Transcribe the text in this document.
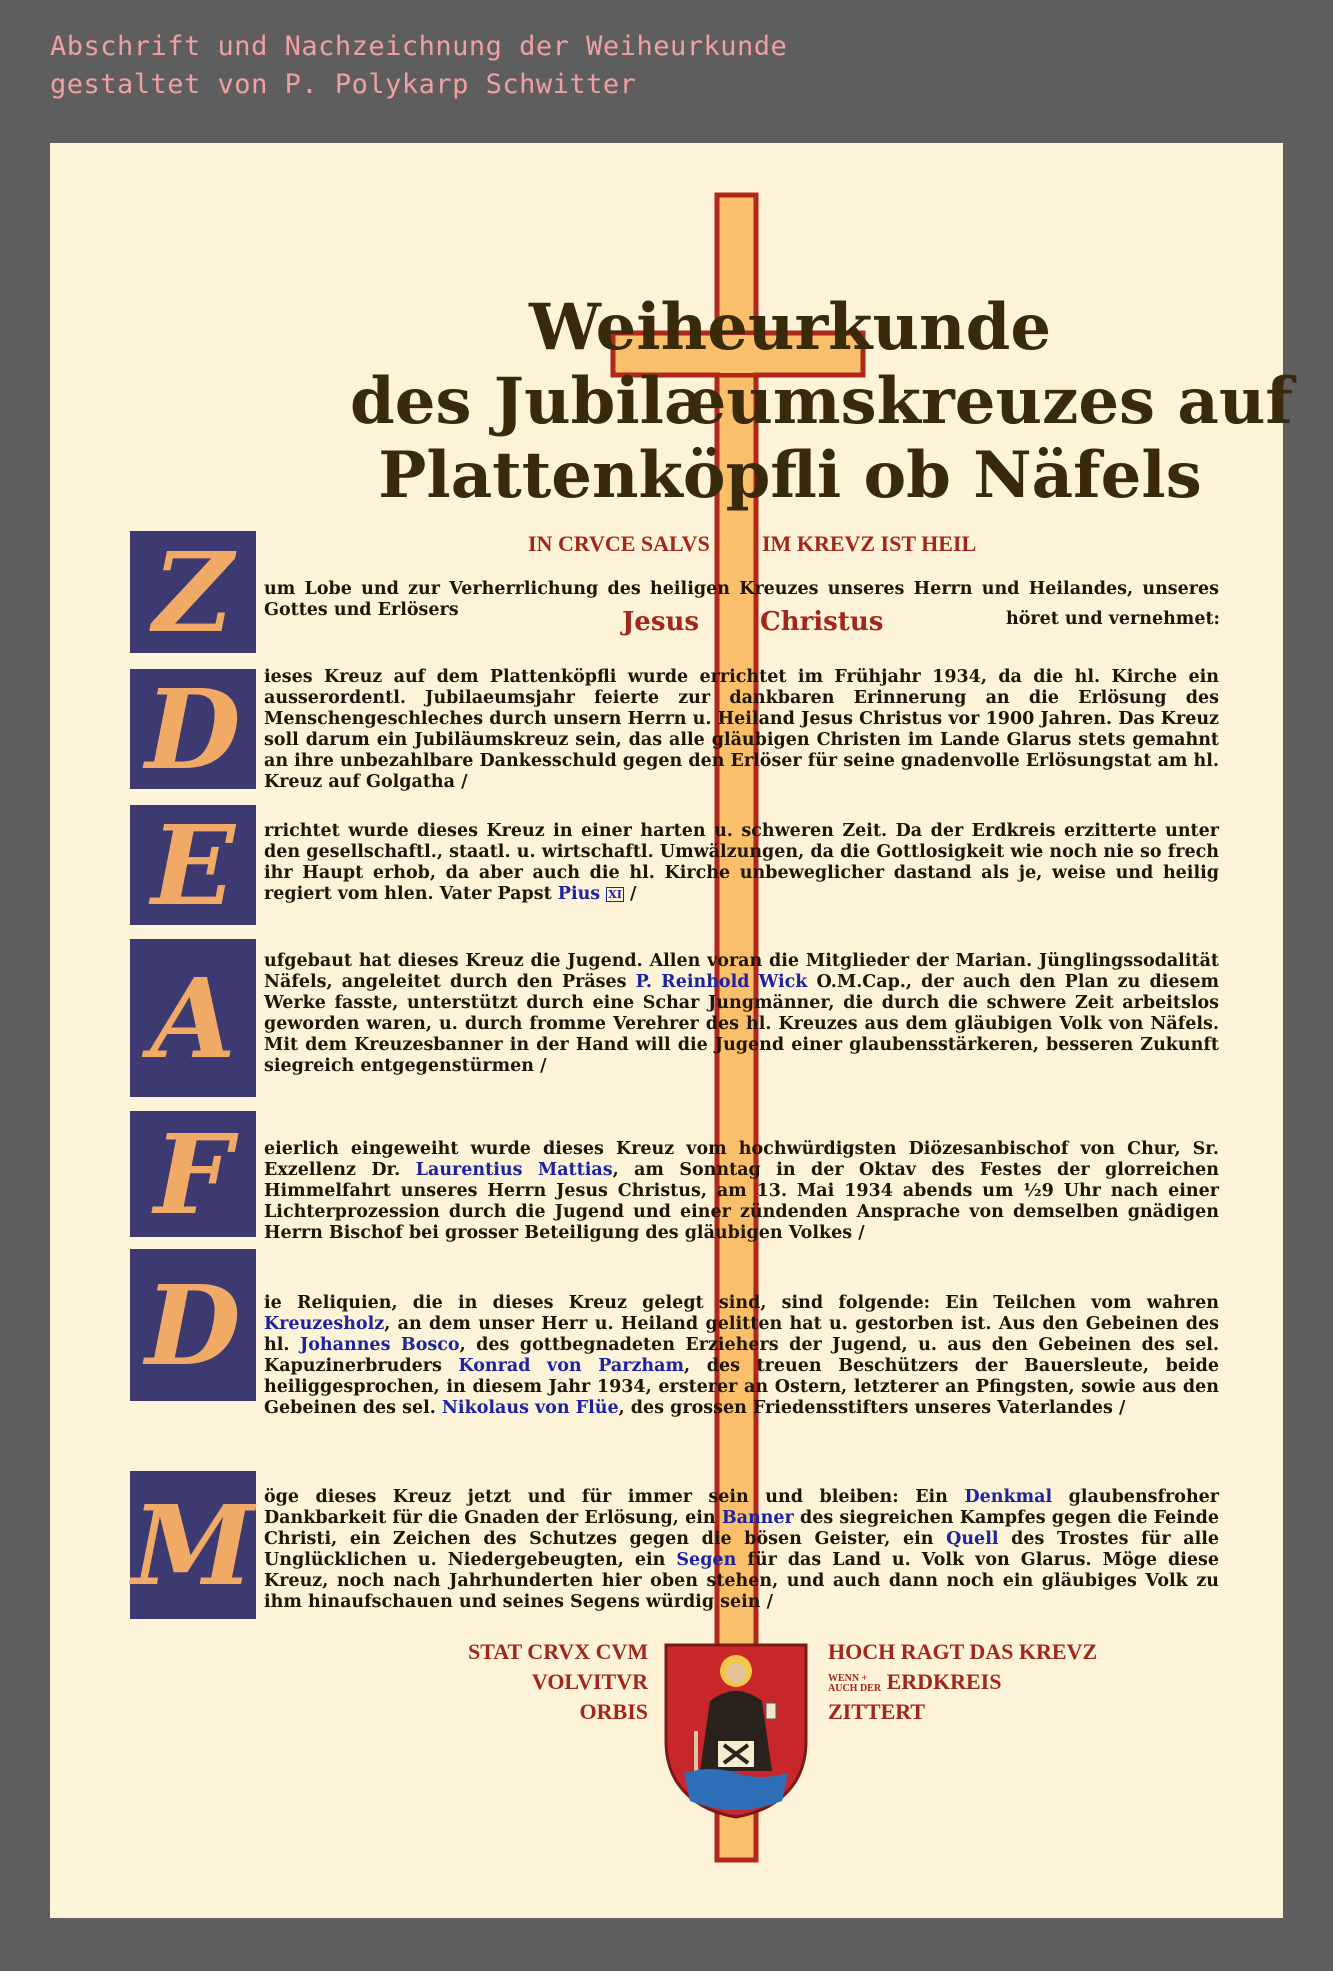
Abschrift und Nachzeichnung der Weiheurkunde
gestaltet von P. Polykarp Schwitter
Weiheurkunde
des Jubilæumskreuzes auf
Plattenköpfli ob Näfels
IN CRVCE SALVS IM KREVZ IST HEIL
Z	um Lobe und zur Verherrlichung des heiligen Kreuzes unseres Herrn und Heilandes, unseres Gottes und Erlösers	Jesus Christus	höret und vernehmet:
D	ieses Kreuz auf dem Plattenköpfli wurde errichtet im Frühjahr 1934, da die hl. Kirche ein ausserordentl. Jubilaeumsjahr feierte zur dankbaren Erinnerung an die Erlösung des Menschengeschleches durch unsern Herrn u. Heiland Jesus Christus vor 1900 Jahren. Das Kreuz soll darum ein Jubiläumskreuz sein, das alle gläubigen Christen im Lande Glarus stets gemahnt an ihre unbezahlbare Dankesschuld gegen den Erlöser für seine gnadenvolle Erlösungstat am hl. Kreuz auf Golgatha /
E	rrichtet wurde dieses Kreuz in einer harten u. schweren Zeit. Da der Erdkreis erzitterte unter den gesellschaftl., staatl. u. wirtschaftl. Umwälzungen, da die Gottlosigkeit wie noch nie so frech ihr Haupt erhob, da aber auch die hl. Kirche unbeweglicher dastand als je, weise und heilig regiert vom hlen. Vater Papst Pius XI /
A	ufgebaut hat dieses Kreuz die Jugend. Allen voran die Mitglieder der Marian. Jünglingssodalität Näfels, angeleitet durch den Präses P. Reinhold Wick O.M.Cap., der auch den Plan zu diesem Werke fasste, unterstützt durch eine Schar Jungmänner, die durch die schwere Zeit arbeitslos geworden waren, u. durch fromme Verehrer des hl. Kreuzes aus dem gläubigen Volk von Näfels. Mit dem Kreuzesbanner in der Hand will die Jugend einer glaubensstärkeren, besseren Zukunft siegreich entgegenstürmen /
F	eierlich eingeweiht wurde dieses Kreuz vom hochwürdigsten Diözesanbischof von Chur, Sr. Exzellenz Dr. Laurentius Mattias, am Sonntag in der Oktav des Festes der glorreichen Himmelfahrt unseres Herrn Jesus Christus, am 13. Mai 1934 abends um ½9 Uhr nach einer Lichterprozession durch die Jugend und einer zündenden Ansprache von demselben gnädigen Herrn Bischof bei grosser Beteiligung des gläubigen Volkes /
D	ie Reliquien, die in dieses Kreuz gelegt sind, sind folgende: Ein Teilchen vom wahren Kreuzesholz, an dem unser Herr u. Heiland gelitten hat u. gestorben ist. Aus den Gebeinen des hl. Johannes Bosco, des gottbegnadeten Erziehers der Jugend, u. aus den Gebeinen des sel. Kapuzinerbruders Konrad von Parzham, des treuen Beschützers der Bauersleute, beide heiliggesprochen, in diesem Jahr 1934, ersterer an Ostern, letzterer an Pfingsten, sowie aus den Gebeinen des sel. Nikolaus von Flüe, des grossen Friedensstifters unseres Vaterlandes /
M öge dieses Kreuz jetzt und für immer sein und bleiben: Ein Denkmal glaubensfroher Dankbarkeit für die Gnaden der Erlösung, ein Banner des siegreichen Kampfes gegen die Feinde Christi, ein Zeichen des Schutzes gegen die bösen Geister, ein Quell des Trostes für alle Unglücklichen u. Niedergebeugten, ein Segen für das Land u. Volk von Glarus. Möge diese Kreuz, noch nach Jahrhunderten hier oben stehen, und auch dann noch ein gläubiges Volk zu ihm hinaufschauen und seines Segens würdig sein /
STAT CRVX CVM
VOLVITVR
ORBIS
HOCH RAGT DAS KREVZ
WENN +
AUCH DER ERDKREIS
ZITTERT
